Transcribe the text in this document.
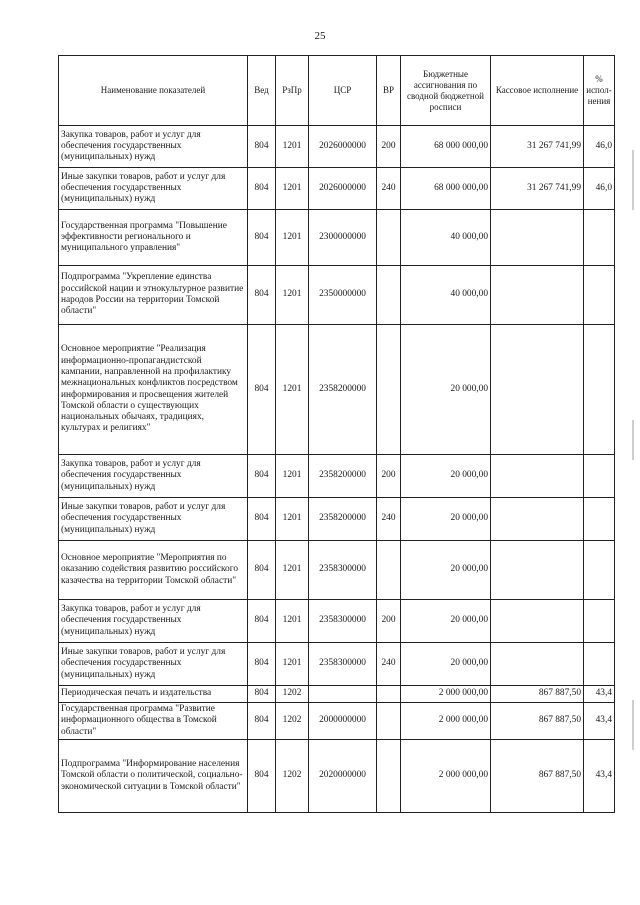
25
Наименование показателей	Вед	РзПр	ЦСР	ВР	Бюджетные ассигнования по сводной бюджетной росписи	Кассовое исполнение	% испол-нения
Закупка товаров, работ и услуг для обеспечения государственных (муниципальных) нужд	804	1201	2026000000	200	68 000 000,00	31 267 741,99	46,0
Иные закупки товаров, работ и услуг для обеспечения государственных (муниципальных) нужд	804	1201	2026000000	240	68 000 000,00	31 267 741,99	46,0
Государственная программа "Повышение эффективности регионального и муниципального управления"	804	1201	2300000000		40 000,00		
Подпрограмма "Укрепление единства российской нации и этнокультурное развитие народов России на территории Томской области"	804	1201	2350000000		40 000,00		
Основное мероприятие "Реализация информационно-пропагандистской кампании, направленной на профилактику межнациональных конфликтов посредством информирования и просвещения жителей Томской области о существующих национальных обычаях, традициях, культурах и религиях"	804	1201	2358200000		20 000,00		
Закупка товаров, работ и услуг для обеспечения государственных (муниципальных) нужд	804	1201	2358200000	200	20 000,00		
Иные закупки товаров, работ и услуг для обеспечения государственных (муниципальных) нужд	804	1201	2358200000	240	20 000,00		
Основное мероприятие "Мероприятия по оказанию содействия развитию российского казачества на территории Томской области"	804	1201	2358300000		20 000,00		
Закупка товаров, работ и услуг для обеспечения государственных (муниципальных) нужд	804	1201	2358300000	200	20 000,00		
Иные закупки товаров, работ и услуг для обеспечения государственных (муниципальных) нужд	804	1201	2358300000	240	20 000,00		
Периодическая печать и издательства	804	1202			2 000 000,00	867 887,50	43,4
Государственная программа "Развитие информационного общества в Томской области"	804	1202	2000000000		2 000 000,00	867 887,50	43,4
Подпрограмма "Информирование населения Томской области о политической, социально-экономической ситуации в Томской области"	804	1202	2020000000		2 000 000,00	867 887,50	43,4
